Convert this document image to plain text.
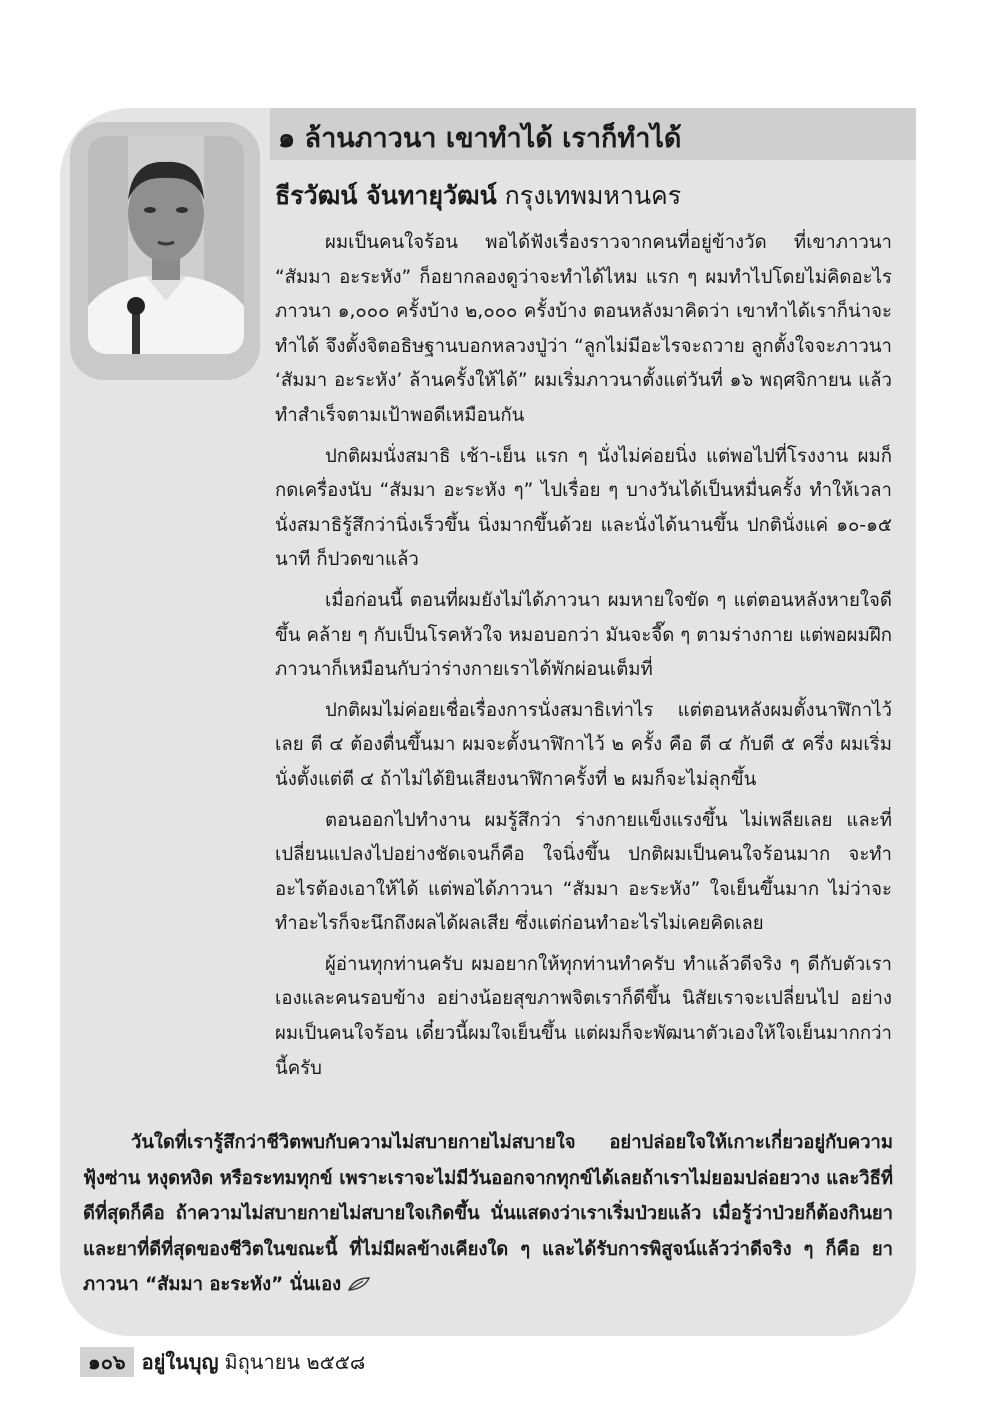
๑ ล้านภาวนา เขาทำได้ เราก็ทำได้
ธีรวัฒน์ จันทายุวัฒน์ กรุงเทพมหานคร

ผมเป็นคนใจร้อน พอได้ฟังเรื่องราวจากคนที่อยู่ข้างวัด ที่เขาภาวนา “สัมมา อะระหัง” ก็อยากลองดูว่าจะทำได้ไหม แรก ๆ ผมทำไปโดยไม่คิดอะไร ภาวนา ๑,๐๐๐ ครั้งบ้าง ๒,๐๐๐ ครั้งบ้าง ตอนหลังมาคิดว่า เขาทำได้เราก็น่าจะทำได้ จึงตั้งจิตอธิษฐานบอกหลวงปู่ว่า “ลูกไม่มีอะไรจะถวาย ลูกตั้งใจจะภาวนา ‘สัมมา อะระหัง’ ล้านครั้งให้ได้” ผมเริ่มภาวนาตั้งแต่วันที่ ๑๖ พฤศจิกายน แล้วทำสำเร็จตามเป้าพอดีเหมือนกัน

ปกติผมนั่งสมาธิ เช้า-เย็น แรก ๆ นั่งไม่ค่อยนิ่ง แต่พอไปที่โรงงาน ผมก็กดเครื่องนับ “สัมมา อะระหัง ๆ” ไปเรื่อย ๆ บางวันได้เป็นหมื่นครั้ง ทำให้เวลานั่งสมาธิรู้สึกว่านิ่งเร็วขึ้น นิ่งมากขึ้นด้วย และนั่งได้นานขึ้น ปกตินั่งแค่ ๑๐-๑๕ นาที ก็ปวดขาแล้ว

เมื่อก่อนนี้ ตอนที่ผมยังไม่ได้ภาวนา ผมหายใจขัด ๆ แต่ตอนหลังหายใจดีขึ้น คล้าย ๆ กับเป็นโรคหัวใจ หมอบอกว่า มันจะจี๊ด ๆ ตามร่างกาย แต่พอผมฝึกภาวนาก็เหมือนกับว่าร่างกายเราได้พักผ่อนเต็มที่

ปกติผมไม่ค่อยเชื่อเรื่องการนั่งสมาธิเท่าไร แต่ตอนหลังผมตั้งนาฬิกาไว้เลย ตี ๔ ต้องตื่นขึ้นมา ผมจะตั้งนาฬิกาไว้ ๒ ครั้ง คือ ตี ๔ กับตี ๕ ครึ่ง ผมเริ่มนั่งตั้งแต่ตี ๔ ถ้าไม่ได้ยินเสียงนาฬิกาครั้งที่ ๒ ผมก็จะไม่ลุกขึ้น

ตอนออกไปทำงาน ผมรู้สึกว่า ร่างกายแข็งแรงขึ้น ไม่เพลียเลย และที่เปลี่ยนแปลงไปอย่างชัดเจนก็คือ ใจนิ่งขึ้น ปกติผมเป็นคนใจร้อนมาก จะทำอะไรต้องเอาให้ได้ แต่พอได้ภาวนา “สัมมา อะระหัง” ใจเย็นขึ้นมาก ไม่ว่าจะทำอะไรก็จะนึกถึงผลได้ผลเสีย ซึ่งแต่ก่อนทำอะไรไม่เคยคิดเลย

ผู้อ่านทุกท่านครับ ผมอยากให้ทุกท่านทำครับ ทำแล้วดีจริง ๆ ดีกับตัวเราเองและคนรอบข้าง อย่างน้อยสุขภาพจิตเราก็ดีขึ้น นิสัยเราจะเปลี่ยนไป อย่างผมเป็นคนใจร้อน เดี๋ยวนี้ผมใจเย็นขึ้น แต่ผมก็จะพัฒนาตัวเองให้ใจเย็นมากกว่านี้ครับ

วันใดที่เรารู้สึกว่าชีวิตพบกับความไม่สบายกายไม่สบายใจ อย่าปล่อยใจให้เกาะเกี่ยวอยู่กับความฟุ้งซ่าน หงุดหงิด หรือระทมทุกข์ เพราะเราจะไม่มีวันออกจากทุกข์ได้เลยถ้าเราไม่ยอมปล่อยวาง และวิธีที่ดีที่สุดก็คือ ถ้าความไม่สบายกายไม่สบายใจเกิดขึ้น นั่นแสดงว่าเราเริ่มป่วยแล้ว เมื่อรู้ว่าป่วยก็ต้องกินยา และยาที่ดีที่สุดของชีวิตในขณะนี้ ที่ไม่มีผลข้างเคียงใด ๆ และได้รับการพิสูจน์แล้วว่าดีจริง ๆ ก็คือ ยาภาวนา “สัมมา อะระหัง” นั่นเอง

๑๐๖ อยู่ในบุญ มิถุนายน ๒๕๕๘
